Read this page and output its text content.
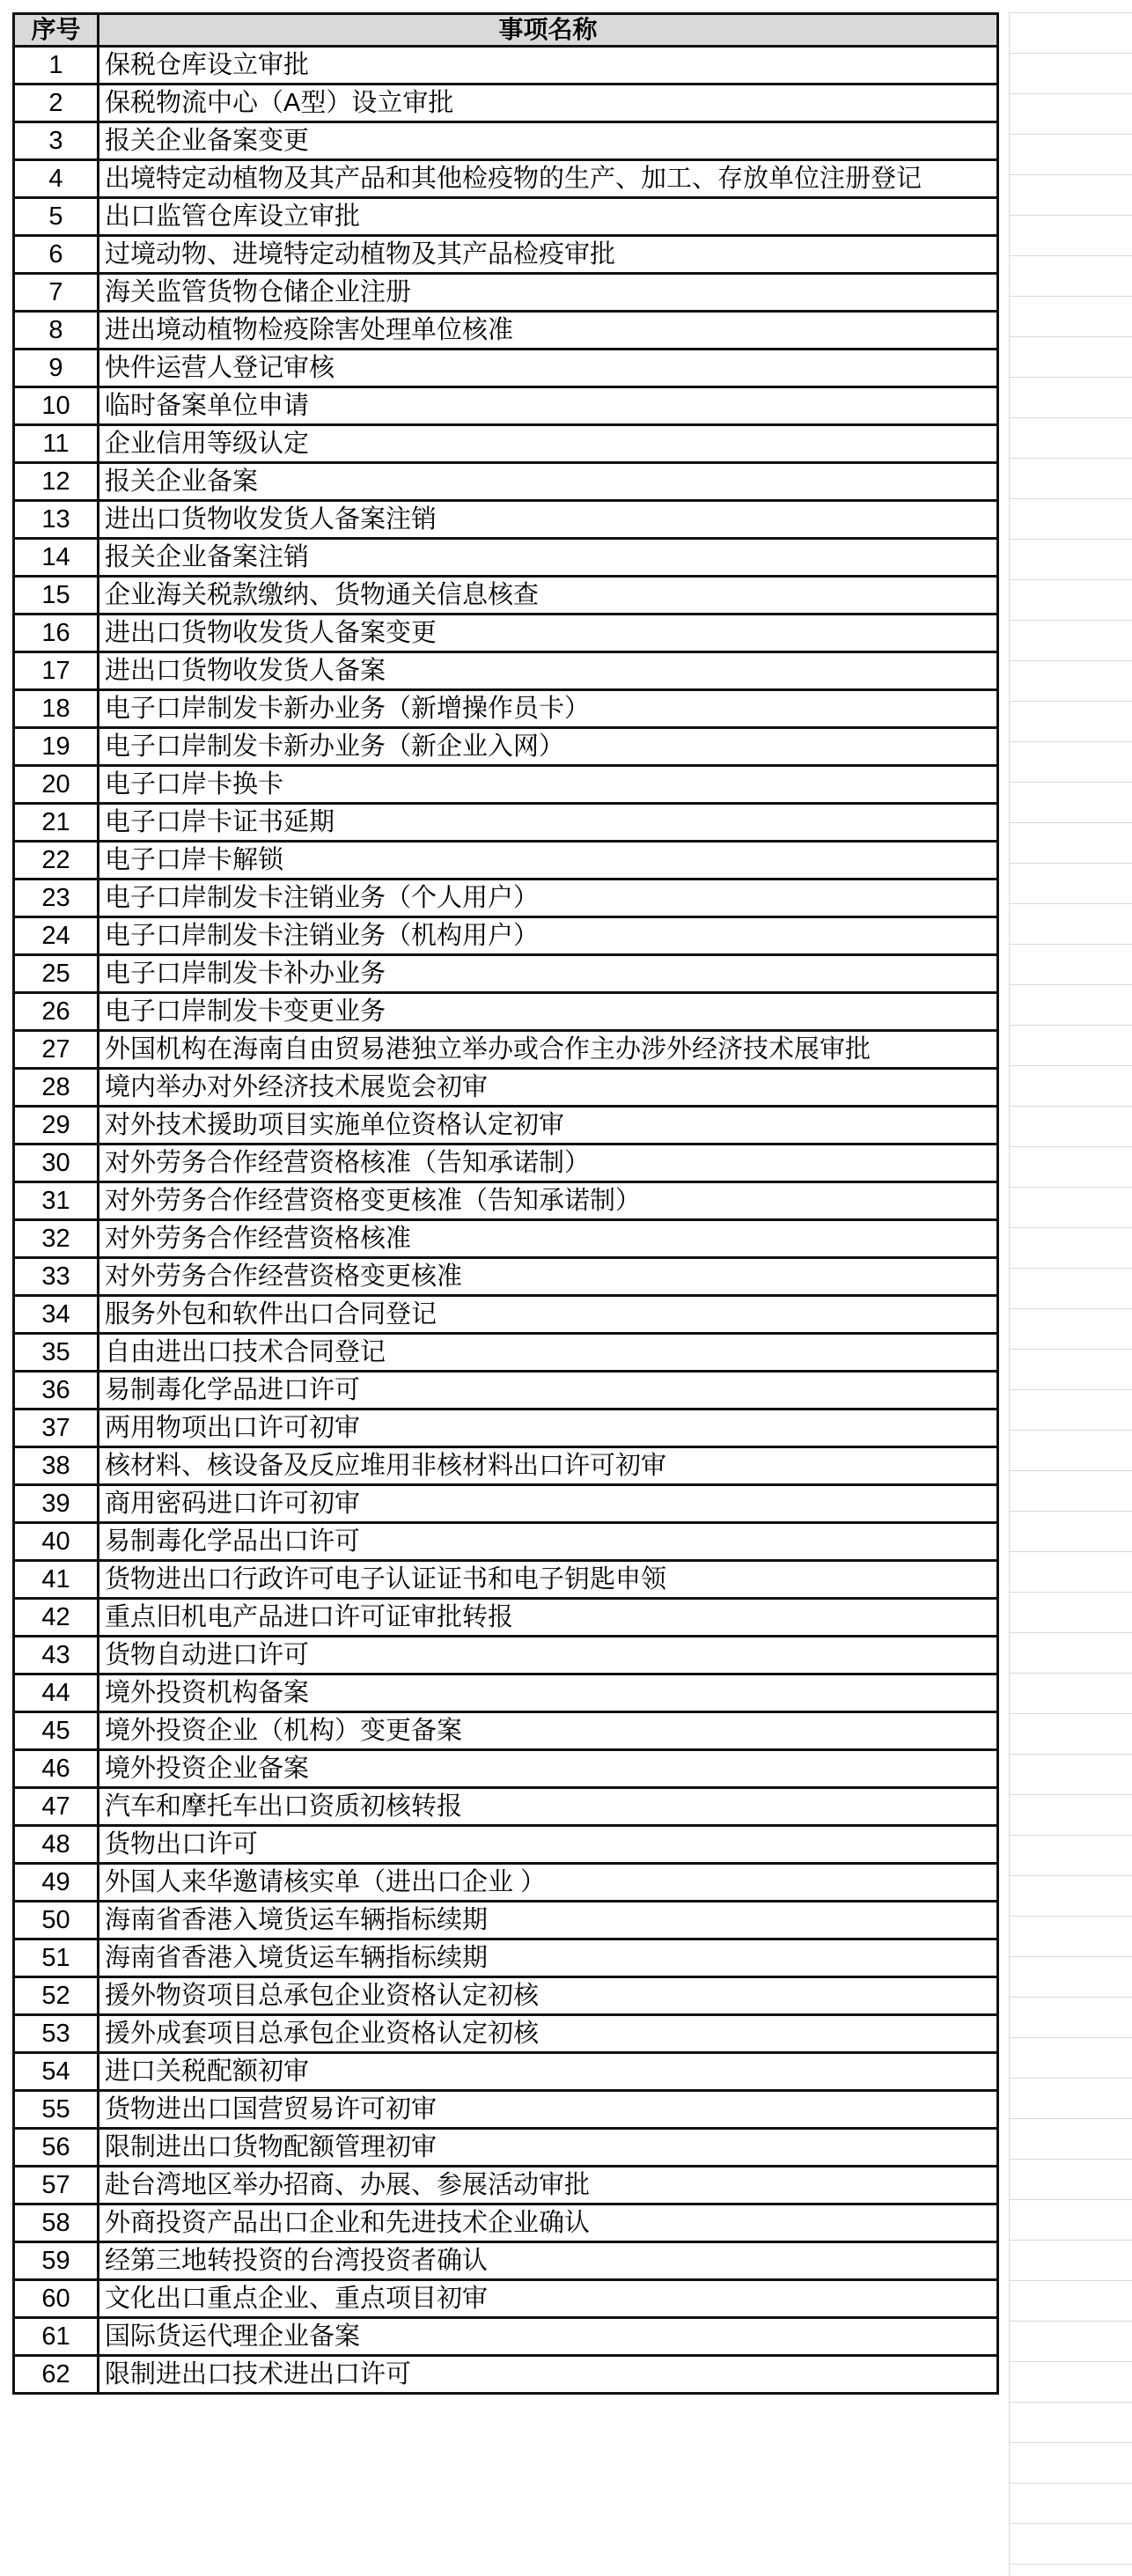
序号	事项名称
1	保税仓库设立审批
2	保税物流中心（A型）设立审批
3	报关企业备案变更
4	出境特定动植物及其产品和其他检疫物的生产、加工、存放单位注册登记
5	出口监管仓库设立审批
6	过境动物、进境特定动植物及其产品检疫审批
7	海关监管货物仓储企业注册
8	进出境动植物检疫除害处理单位核准
9	快件运营人登记审核
10	临时备案单位申请
11	企业信用等级认定
12	报关企业备案
13	进出口货物收发货人备案注销
14	报关企业备案注销
15	企业海关税款缴纳、货物通关信息核查
16	进出口货物收发货人备案变更
17	进出口货物收发货人备案
18	电子口岸制发卡新办业务（新增操作员卡）
19	电子口岸制发卡新办业务（新企业入网）
20	电子口岸卡换卡
21	电子口岸卡证书延期
22	电子口岸卡解锁
23	电子口岸制发卡注销业务（个人用户）
24	电子口岸制发卡注销业务（机构用户）
25	电子口岸制发卡补办业务
26	电子口岸制发卡变更业务
27	外国机构在海南自由贸易港独立举办或合作主办涉外经济技术展审批
28	境内举办对外经济技术展览会初审
29	对外技术援助项目实施单位资格认定初审
30	对外劳务合作经营资格核准（告知承诺制）
31	对外劳务合作经营资格变更核准（告知承诺制）
32	对外劳务合作经营资格核准
33	对外劳务合作经营资格变更核准
34	服务外包和软件出口合同登记
35	自由进出口技术合同登记
36	易制毒化学品进口许可
37	两用物项出口许可初审
38	核材料、核设备及反应堆用非核材料出口许可初审
39	商用密码进口许可初审
40	易制毒化学品出口许可
41	货物进出口行政许可电子认证证书和电子钥匙申领
42	重点旧机电产品进口许可证审批转报
43	货物自动进口许可
44	境外投资机构备案
45	境外投资企业（机构）变更备案
46	境外投资企业备案
47	汽车和摩托车出口资质初核转报
48	货物出口许可
49	外国人来华邀请核实单（进出口企业 ）
50	海南省香港入境货运车辆指标续期
51	海南省香港入境货运车辆指标续期
52	援外物资项目总承包企业资格认定初核
53	援外成套项目总承包企业资格认定初核
54	进口关税配额初审
55	货物进出口国营贸易许可初审
56	限制进出口货物配额管理初审
57	赴台湾地区举办招商、办展、参展活动审批
58	外商投资产品出口企业和先进技术企业确认
59	经第三地转投资的台湾投资者确认
60	文化出口重点企业、重点项目初审
61	国际货运代理企业备案
62	限制进出口技术进出口许可
